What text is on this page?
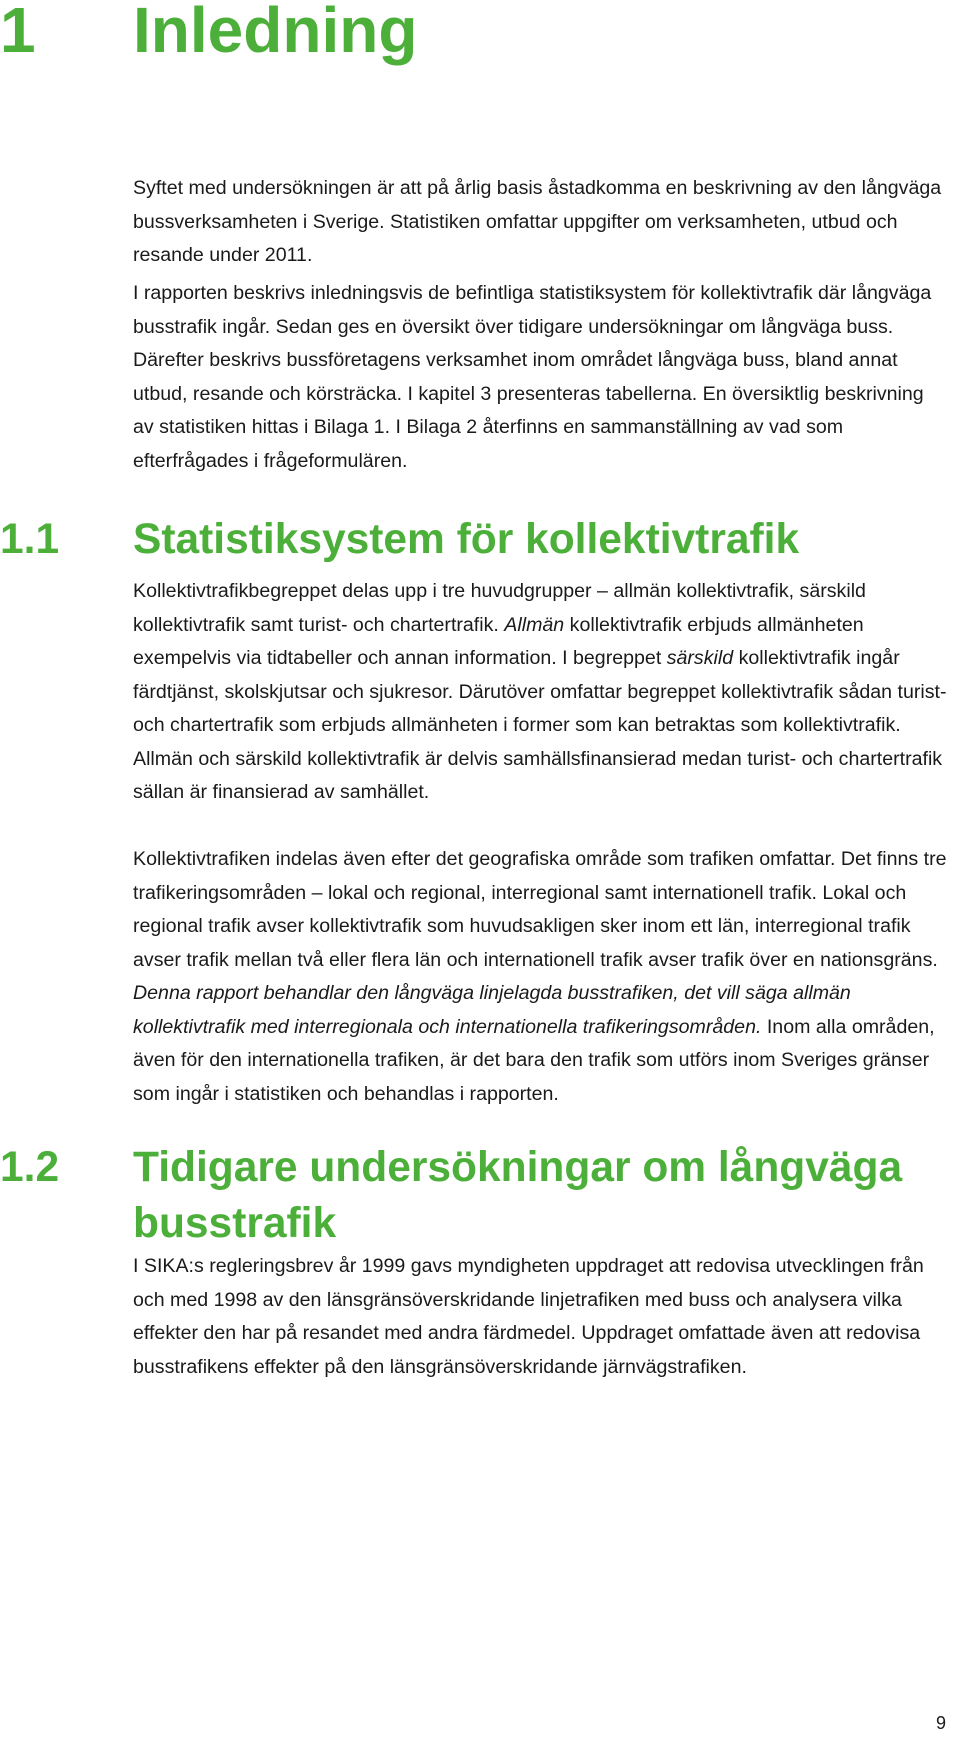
1 Inledning

Syftet med undersökningen är att på årlig basis åstadkomma en beskrivning av den långväga bussverksamheten i Sverige. Statistiken omfattar uppgifter om verksamheten, utbud och resande under 2011.

I rapporten beskrivs inledningsvis de befintliga statistiksystem för kollektivtrafik där långväga busstrafik ingår. Sedan ges en översikt över tidigare undersökningar om långväga buss. Därefter beskrivs bussföretagens verksamhet inom området långväga buss, bland annat utbud, resande och körsträcka. I kapitel 3 presenteras tabellerna. En översiktlig beskrivning av statistiken hittas i Bilaga 1. I Bilaga 2 återfinns en sammanställning av vad som efterfrågades i frågeformulären.

1.1	Statistiksystem för kollektivtrafik

Kollektivtrafikbegreppet delas upp i tre huvudgrupper – allmän kollektivtrafik, särskild kollektivtrafik samt turist- och chartertrafik. Allmän kollektivtrafik erbjuds allmänheten exempelvis via tidtabeller och annan information. I begreppet särskild kollektivtrafik ingår färdtjänst, skolskjutsar och sjukresor. Därutöver omfattar begreppet kollektivtrafik sådan turist- och chartertrafik som erbjuds allmänheten i former som kan betraktas som kollektivtrafik. Allmän och särskild kollektivtrafik är delvis samhällsfinansierad medan turist- och chartertrafik sällan är finansierad av samhället.

Kollektivtrafiken indelas även efter det geografiska område som trafiken omfattar. Det finns tre trafikeringsområden – lokal och regional, interregional samt internationell trafik. Lokal och regional trafik avser kollektivtrafik som huvudsakligen sker inom ett län, interregional trafik avser trafik mellan två eller flera län och internationell trafik avser trafik över en nationsgräns. Denna rapport behandlar den långväga linjelagda busstrafiken, det vill säga allmän kollektivtrafik med interregionala och internationella trafikeringsområden. Inom alla områden, även för den internationella trafiken, är det bara den trafik som utförs inom Sveriges gränser som ingår i statistiken och behandlas i rapporten.

1.2	Tidigare undersökningar om långväga busstrafik

I SIKA:s regleringsbrev år 1999 gavs myndigheten uppdraget att redovisa utvecklingen från och med 1998 av den länsgränsöverskridande linjetrafiken med buss och analysera vilka effekter den har på resandet med andra färdmedel. Uppdraget omfattade även att redovisa busstrafikens effekter på den länsgränsöverskridande järnvägstrafiken.

9
